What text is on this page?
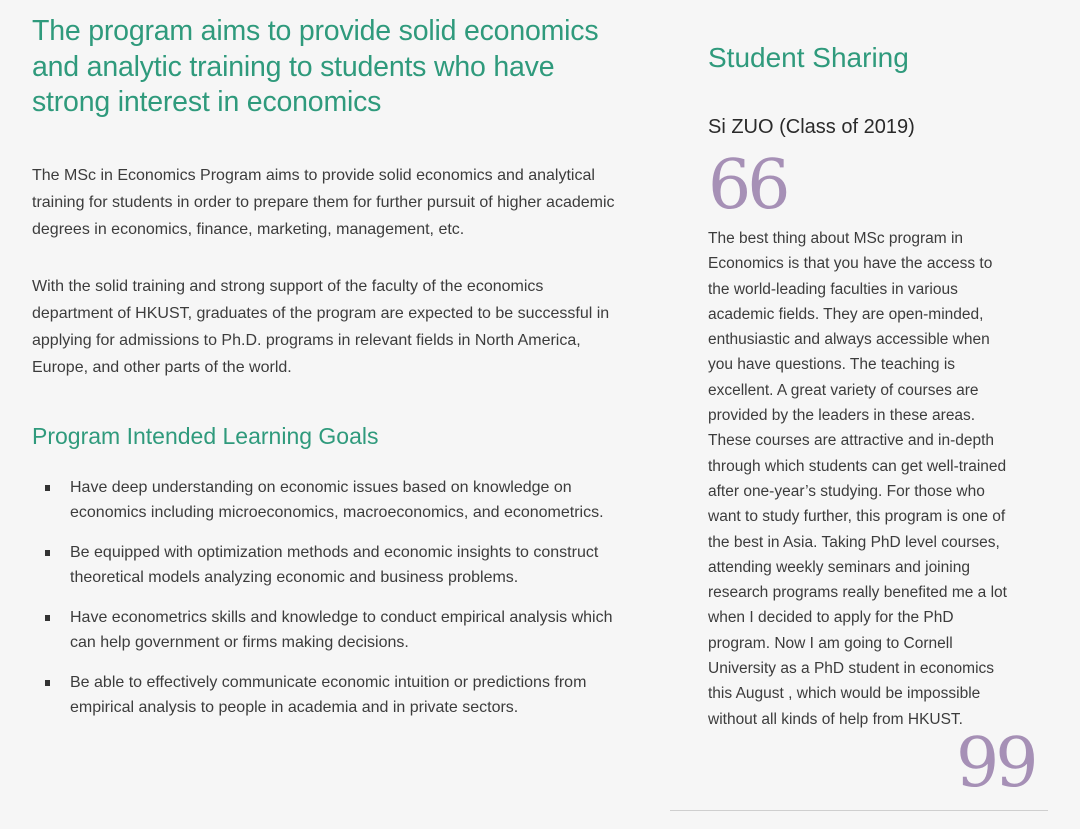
The program aims to provide solid economics and analytic training to students who have strong interest in economics

The MSc in Economics Program aims to provide solid economics and analytical training for students in order to prepare them for further pursuit of higher academic degrees in economics, finance, marketing, management, etc.

With the solid training and strong support of the faculty of the economics department of HKUST, graduates of the program are expected to be successful in applying for admissions to Ph.D. programs in relevant fields in North America, Europe, and other parts of the world.

Program Intended Learning Goals
Have deep understanding on economic issues based on knowledge on economics including microeconomics, macroeconomics, and econometrics.
Be equipped with optimization methods and economic insights to construct theoretical models analyzing economic and business problems.
Have econometrics skills and knowledge to conduct empirical analysis which can help government or firms making decisions.
Be able to effectively communicate economic intuition or predictions from empirical analysis to people in academia and in private sectors.
Student Sharing

Si ZUO (Class of 2019)

66

The best thing about MSc program in Economics is that you have the access to the world-leading faculties in various academic fields. They are open-minded, enthusiastic and always accessible when you have questions. The teaching is excellent. A great variety of courses are provided by the leaders in these areas. These courses are attractive and in-depth through which students can get well-trained after one-year’s studying. For those who want to study further, this program is one of the best in Asia. Taking PhD level courses, attending weekly seminars and joining research programs really benefited me a lot when I decided to apply for the PhD program. Now I am going to Cornell University as a PhD student in economics this August , which would be impossible without all kinds of help from HKUST.

99
